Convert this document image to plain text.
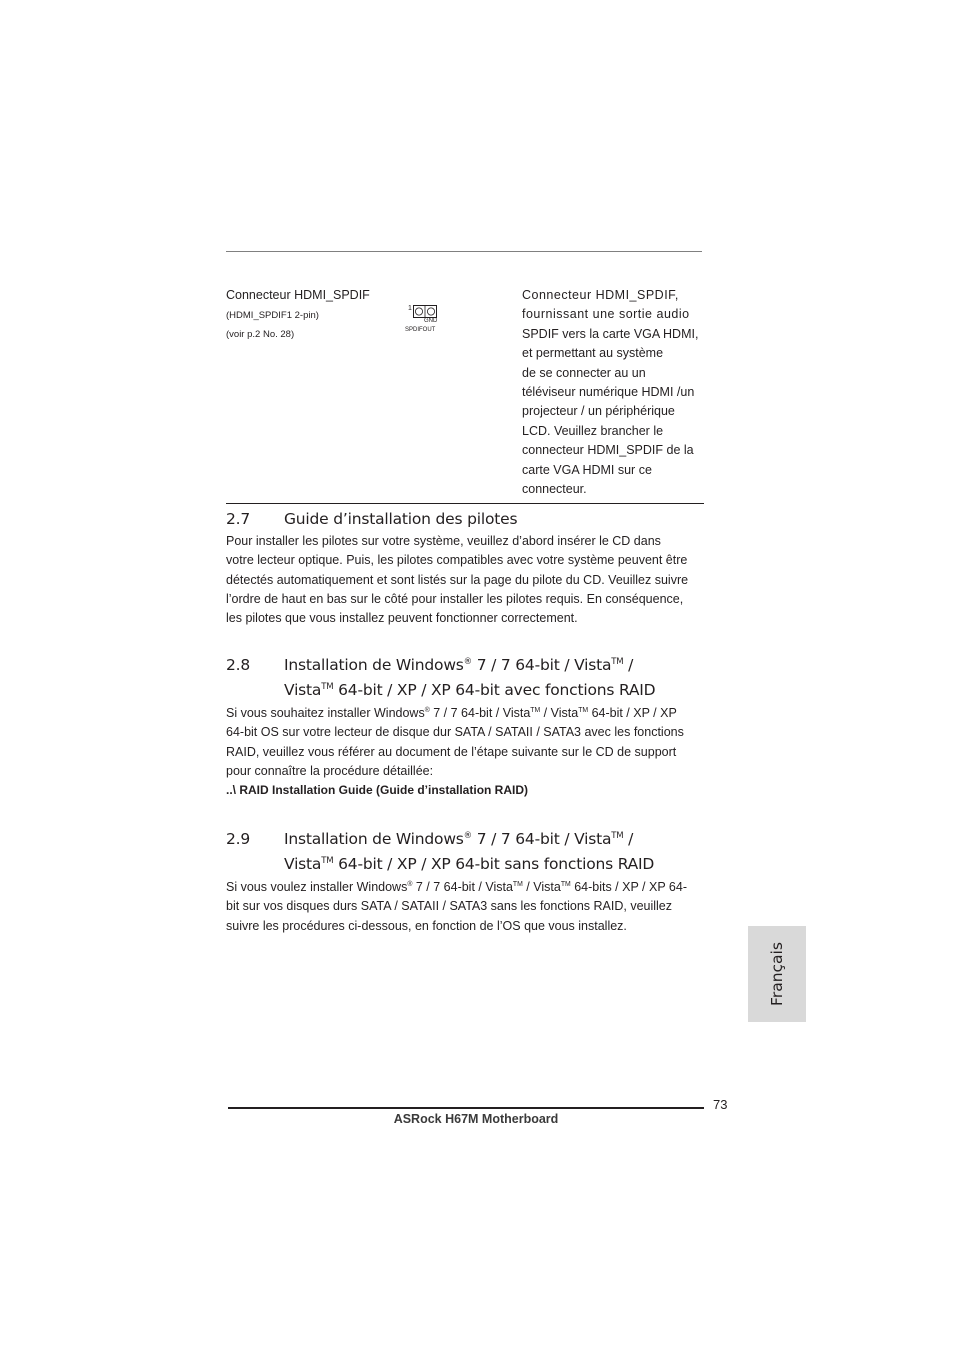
Connecteur HDMI_SPDIF
(HDMI_SPDIF1 2-pin)
(voir p.2 No. 28)
1
GND
SPDIFOUT
Connecteur HDMI_SPDIF,
fournissant une sortie audio
SPDIF vers la carte VGA HDMI,
et permettant au système
de se connecter au un
téléviseur numérique HDMI /un
projecteur / un périphérique
LCD. Veuillez brancher le
connecteur HDMI_SPDIF de la
carte VGA HDMI sur ce
connecteur.
2.7 Guide d’installation des pilotes
Pour installer les pilotes sur votre système, veuillez d’abord insérer le CD dans
votre lecteur optique. Puis, les pilotes compatibles avec votre système peuvent être
détectés automatiquement et sont listés sur la page du pilote du CD. Veuillez suivre
l’ordre de haut en bas sur le côté pour installer les pilotes requis. En conséquence,
les pilotes que vous installez peuvent fonctionner correctement.
2.8 Installation de Windows® 7 / 7 64-bit / Vista™ /
Vista™ 64-bit / XP / XP 64-bit avec fonctions RAID
Si vous souhaitez installer Windows® 7 / 7 64-bit / Vista™ / Vista™ 64-bit / XP / XP
64-bit OS sur votre lecteur de disque dur SATA / SATAII / SATA3 avec les fonctions
RAID, veuillez vous référer au document de l’étape suivante sur le CD de support
pour connaître la procédure détaillée:
..\ RAID Installation Guide (Guide d’installation RAID)
2.9 Installation de Windows® 7 / 7 64-bit / Vista™ /
Vista™ 64-bit / XP / XP 64-bit sans fonctions RAID
Si vous voulez installer Windows® 7 / 7 64-bit / Vista™ / Vista™ 64-bits / XP / XP 64-
bit sur vos disques durs SATA / SATAII / SATA3 sans les fonctions RAID, veuillez
suivre les procédures ci-dessous, en fonction de l’OS que vous installez.
Français
73
ASRock H67M Motherboard
